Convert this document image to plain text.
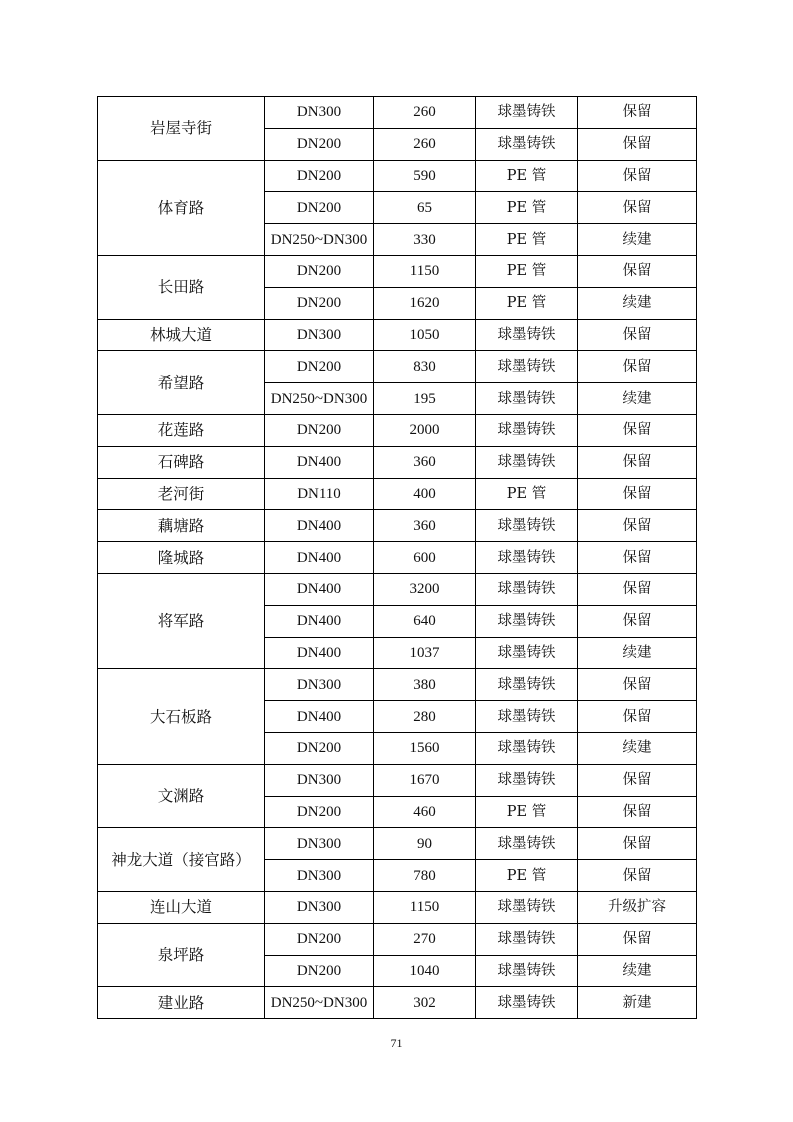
岩屋寺街	DN300	260	球墨铸铁	保留
	DN200	260	球墨铸铁	保留
体育路	DN200	590	PE 管	保留
	DN200	65	PE 管	保留
	DN250~DN300	330	PE 管	续建
长田路	DN200	1150	PE 管	保留
	DN200	1620	PE 管	续建
林城大道	DN300	1050	球墨铸铁	保留
希望路	DN200	830	球墨铸铁	保留
	DN250~DN300	195	球墨铸铁	续建
花莲路	DN200	2000	球墨铸铁	保留
石碑路	DN400	360	球墨铸铁	保留
老河街	DN110	400	PE 管	保留
藕塘路	DN400	360	球墨铸铁	保留
隆城路	DN400	600	球墨铸铁	保留
将军路	DN400	3200	球墨铸铁	保留
	DN400	640	球墨铸铁	保留
	DN400	1037	球墨铸铁	续建
大石板路	DN300	380	球墨铸铁	保留
	DN400	280	球墨铸铁	保留
	DN200	1560	球墨铸铁	续建
文渊路	DN300	1670	球墨铸铁	保留
	DN200	460	PE 管	保留
神龙大道（接官路）	DN300	90	球墨铸铁	保留
	DN300	780	PE 管	保留
连山大道	DN300	1150	球墨铸铁	升级扩容
泉坪路	DN200	270	球墨铸铁	保留
	DN200	1040	球墨铸铁	续建
建业路	DN250~DN300	302	球墨铸铁	新建
71
